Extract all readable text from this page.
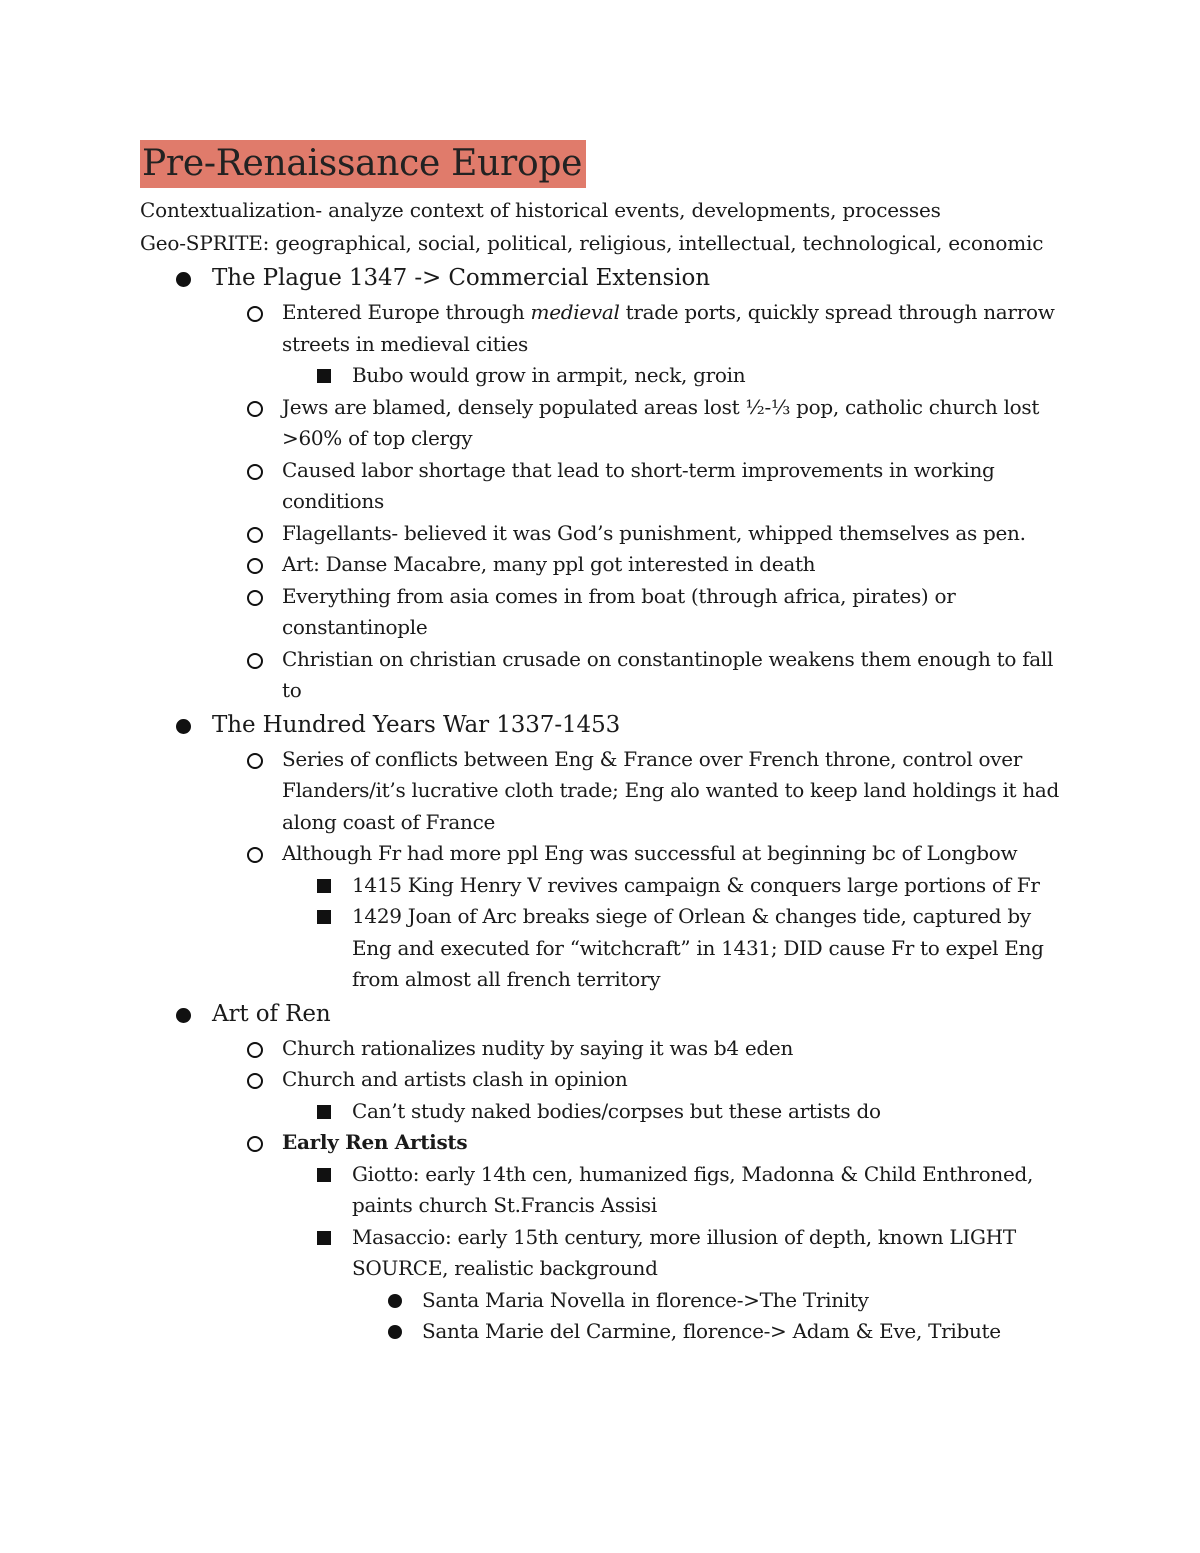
Pre-Renaissance Europe
Contextualization- analyze context of historical events, developments, processes
Geo-SPRITE: geographical, social, political, religious, intellectual, technological, economic
The Plague 1347 -> Commercial Extension
Entered Europe through medieval trade ports, quickly spread through narrow streets in medieval cities
Bubo would grow in armpit, neck, groin
Jews are blamed, densely populated areas lost ½-⅓ pop, catholic church lost >60% of top clergy
Caused labor shortage that lead to short-term improvements in working conditions
Flagellants- believed it was God’s punishment, whipped themselves as pen.
Art: Danse Macabre, many ppl got interested in death
Everything from asia comes in from boat (through africa, pirates) or constantinople
Christian on christian crusade on constantinople weakens them enough to fall to
The Hundred Years War 1337-1453
Series of conflicts between Eng & France over French throne, control over Flanders/it’s lucrative cloth trade; Eng alo wanted to keep land holdings it had along coast of France
Although Fr had more ppl Eng was successful at beginning bc of Longbow
1415 King Henry V revives campaign & conquers large portions of Fr
1429 Joan of Arc breaks siege of Orlean & changes tide, captured by Eng and executed for “witchcraft” in 1431; DID cause Fr to expel Eng from almost all french territory
Art of Ren
Church rationalizes nudity by saying it was b4 eden
Church and artists clash in opinion
Can’t study naked bodies/corpses but these artists do
Early Ren Artists
Giotto: early 14th cen, humanized figs, Madonna & Child Enthroned, paints church St.Francis Assisi
Masaccio: early 15th century, more illusion of depth, known LIGHT SOURCE, realistic background
Santa Maria Novella in florence->The Trinity
Santa Marie del Carmine, florence-> Adam & Eve, Tribute
